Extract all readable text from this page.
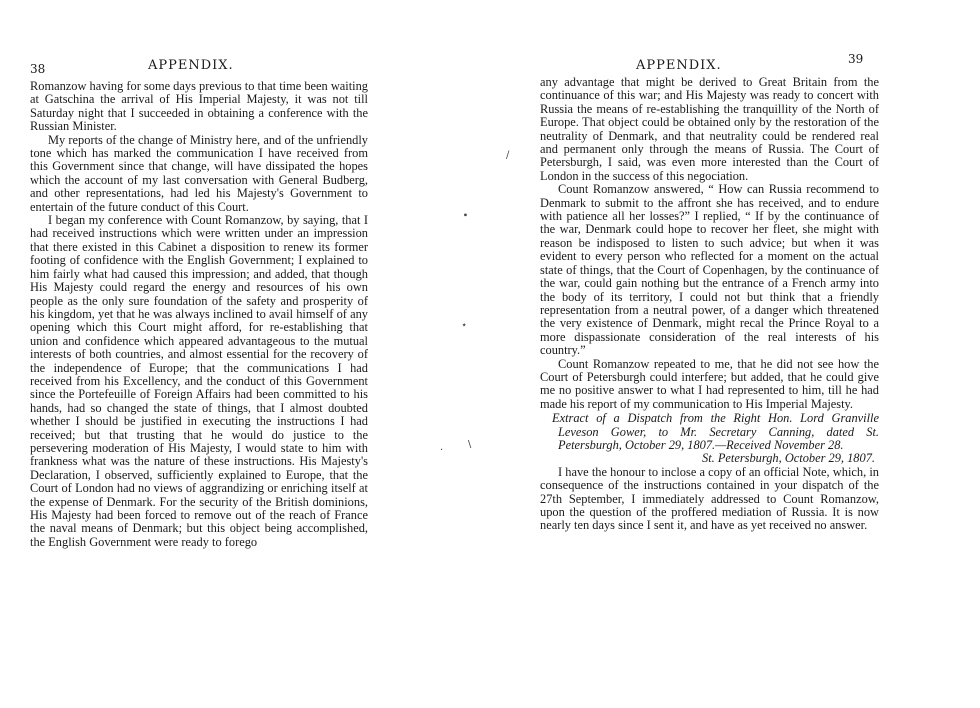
38	APPENDIX.

Romanzow having for some days previous to that time been waiting at Gatschina the arrival of His Imperial Majesty, it was not till Saturday night that I succeeded in obtaining a conference with the Russian Minister.

My reports of the change of Ministry here, and of the unfriendly tone which has marked the communication I have received from this Government since that change, will have dissipated the hopes which the account of my last conversation with General Budberg, and other representations, had led his Majesty's Government to entertain of the future conduct of this Court.

I began my conference with Count Romanzow, by saying, that I had received instructions which were written under an impression that there existed in this Cabinet a disposition to renew its former footing of confidence with the English Government; I explained to him fairly what had caused this impression; and added, that though His Majesty could regard the energy and resources of his own people as the only sure foundation of the safety and prosperity of his kingdom, yet that he was always inclined to avail himself of any opening which this Court might afford, for re-establishing that union and confidence which appeared advantageous to the mutual interests of both countries, and almost essential for the recovery of the independence of Europe; that the communications I had received from his Excellency, and the conduct of this Government since the Portefeuille of Foreign Affairs had been committed to his hands, had so changed the state of things, that I almost doubted whether I should be justified in executing the instructions I had received; but that trusting that he would do justice to the persevering moderation of His Majesty, I would state to him with frankness what was the nature of these instructions. His Majesty's Declaration, I observed, sufficiently explained to Europe, that the Court of London had no views of aggrandizing or enriching itself at the expense of Denmark. For the security of the British dominions, His Majesty had been forced to remove out of the reach of France the naval means of Denmark; but this object being accomplished, the English Government were ready to forego

APPENDIX.	39

any advantage that might be derived to Great Britain from the continuance of this war; and His Majesty was ready to concert with Russia the means of re-establishing the tranquillity of the North of Europe. That object could be obtained only by the restoration of the neutrality of Denmark, and that neutrality could be rendered real and permanent only through the means of Russia. The Court of Petersburgh, I said, was even more interested than the Court of London in the success of this negociation.

Count Romanzow answered, “ How can Russia recommend to Denmark to submit to the affront she has received, and to endure with patience all her losses?” I replied, “ If by the continuance of the war, Denmark could hope to recover her fleet, she might with reason be indisposed to listen to such advice; but when it was evident to every person who reflected for a moment on the actual state of things, that the Court of Copenhagen, by the continuance of the war, could gain nothing but the entrance of a French army into the body of its territory, I could not but think that a friendly representation from a neutral power, of a danger which threatened the very existence of Denmark, might recal the Prince Royal to a more dispassionate consideration of the real interests of his country.”

Count Romanzow repeated to me, that he did not see how the Court of Petersburgh could interfere; but added, that he could give me no positive answer to what I had represented to him, till he had made his report of my communication to His Imperial Majesty.

Extract of a Dispatch from the Right Hon. Lord Granville Leveson Gower, to Mr. Secretary Canning, dated St. Petersburgh, October 29, 1807.—Received November 28.

St. Petersburgh, October 29, 1807.

I have the honour to inclose a copy of an official Note, which, in consequence of the instructions contained in your dispatch of the 27th September, I immediately addressed to Count Romanzow, upon the question of the proffered mediation of Russia. It is now nearly ten days since I sent it, and have as yet received no answer.

∙
⋆
∖
·
/
